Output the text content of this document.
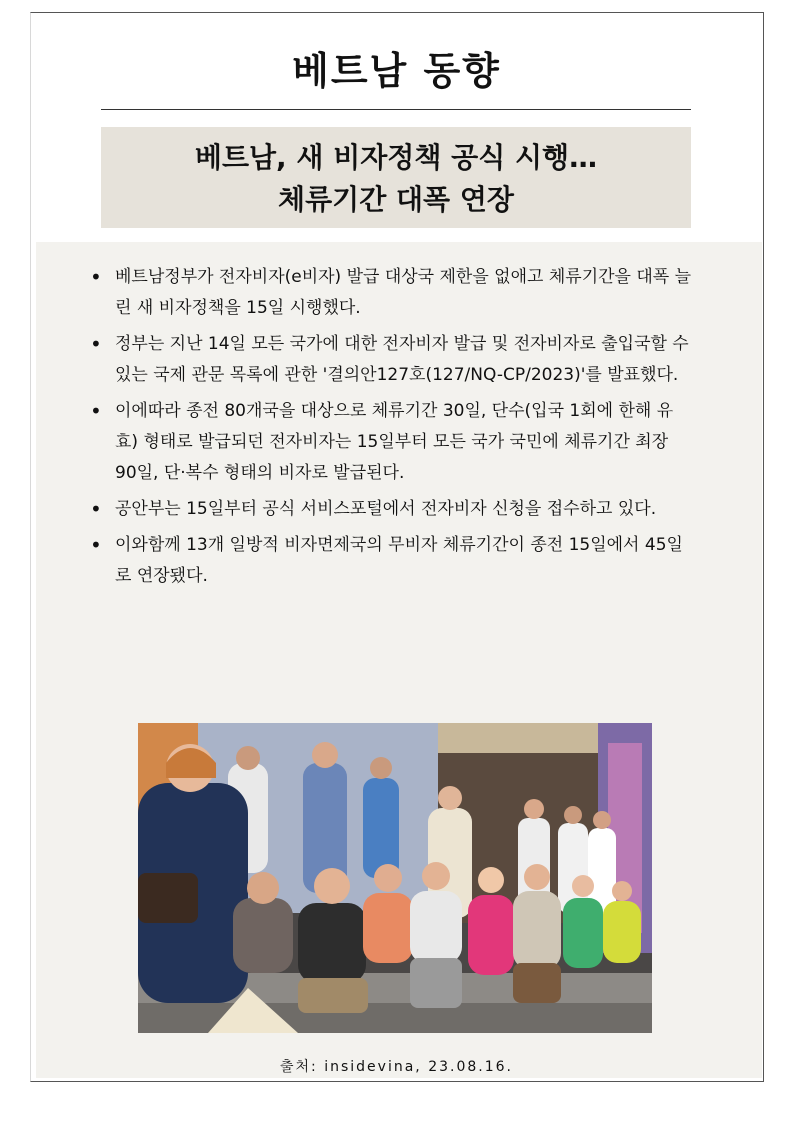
베트남 동향
베트남, 새 비자정책 공식 시행…
체류기간 대폭 연장
• 베트남정부가 전자비자(e비자) 발급 대상국 제한을 없애고 체류기간을 대폭 늘린 새 비자정책을 15일 시행했다.
• 정부는 지난 14일 모든 국가에 대한 전자비자 발급 및 전자비자로 출입국할 수있는 국제 관문 목록에 관한 '결의안127호(127/NQ-CP/2023)'를 발표했다.
• 이에따라 종전 80개국을 대상으로 체류기간 30일, 단수(입국 1회에 한해 유효) 형태로 발급되던 전자비자는 15일부터 모든 국가 국민에 체류기간 최장 90일, 단·복수 형태의 비자로 발급된다.
• 공안부는 15일부터 공식 서비스포털에서 전자비자 신청을 접수하고 있다.
• 이와함께 13개 일방적 비자면제국의 무비자 체류기간이 종전 15일에서 45일로 연장됐다.
출처: insidevina, 23.08.16.
